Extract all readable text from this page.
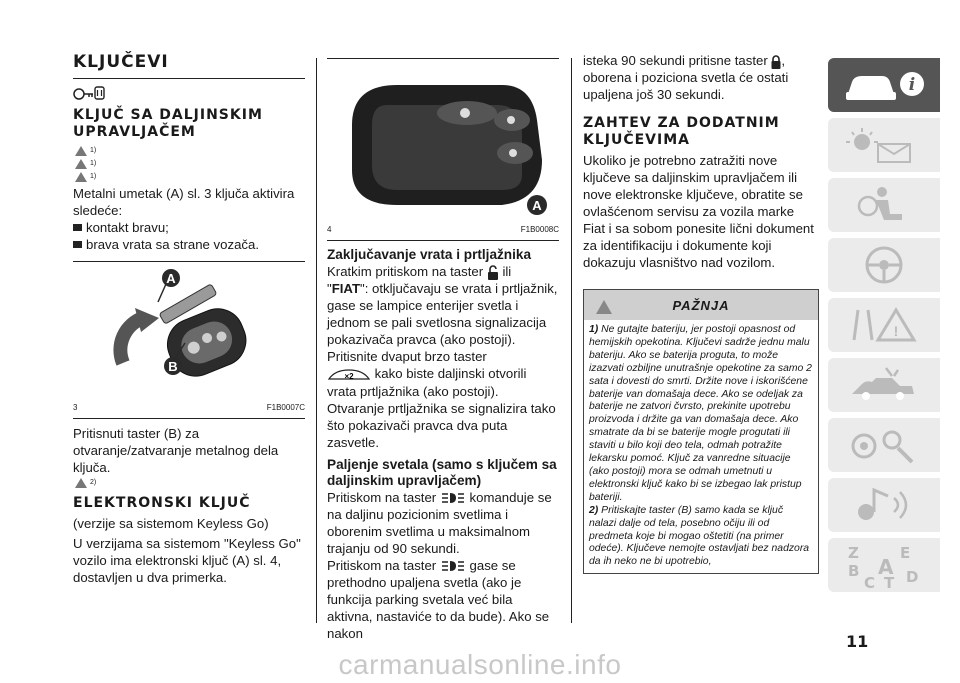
KLJUČEVI
KLJUČ SA DALJINSKIM
UPRAVLJAČEM
1)
1)
1)

Metalni umetak (A) sl. 3 ključa aktivira sledeće:

kontakt bravu;
brava vrata sa strane vozača.
A
B
3	F1B0007C

Pritisnuti taster (B) za otvaranje/zatvaranje metalnog dela ključa.

2)
ELEKTRONSKI KLJUČ

(verzije sa sistemom Keyless Go)

U verzijama sa sistemom "Keyless Go" vozilo ima elektronski ključ (A) sl. 4, dostavljen u dva primerka.

A
4	F1B0008C
Zaključavanje vrata i prtljažnika

Kratkim pritiskom na taster ili
"FIAT": otključavaju se vrata i prtljažnik, gase se lampice enterijer svetla i jednom se pali svetlosna signalizacija pokazivača pravca (ako postoji).

Pritisnite dvaput brzo taster

×2 kako biste daljinski otvorili vrata prtljažnika (ako postoji).

Otvaranje prtljažnika se signalizira tako što pokazivači pravca dva puta zasvetle.

Paljenje svetala (samo s ključem sa daljinskim upravljačem)

Pritiskom na taster	komanduje se na daljinu pozicionim svetlima i oborenim svetlima u maksimalnom trajanju od 90 sekundi.

Pritiskom na taster	gase se prethodno upaljena svetla (ako je funkcija parking svetala već bila aktivna, nastaviće to da bude). Ako se nakon

isteka 90 sekundi pritisne taster , oborena i poziciona svetla će ostati upaljena još 30 sekundi.

ZAHTEV ZA DODATNIM
KLJUČEVIMA

Ukoliko je potrebno zatražiti nove ključeve sa daljinskim upravljačem ili nove elektronske ključeve, obratite se ovlašćenom servisu za vozila marke Fiat i sa sobom ponesite lični dokument za identifikaciju i dokumente koji dokazuju vlasništvo nad vozilom.

PAŽNJA

1) Ne gutajte bateriju, jer postoji opasnost od hemijskih opekotina. Ključevi sadrže jednu malu bateriju. Ako se baterija proguta, to može izazvati ozbiljne unutrašnje opekotine za samo 2 sata i dovesti do smrti. Držite nove i iskorišćene baterije van domašaja dece. Ako se odeljak za baterije ne zatvori čvrsto, prekinite upotrebu proizvoda i držite ga van domašaja dece. Ako smatrate da bi se baterije mogle progutati ili staviti u bilo koji deo tela, odmah potražite lekarsku pomoć. Ključ za vanredne situacije (ako postoji) mora se odmah umetnuti u elektronski ključ kako bi se izbegao lak pristup bateriji.

2) Pritiskajte taster (B) samo kada se ključ nalazi dalje od tela, posebno očiju ili od predmeta koje bi mogao oštetiti (na primer odeće). Ključeve nemojte ostavljati bez nadzora da ih neko ne bi upotrebio,

i
!
Z	E
B A
C T D
11
carmanualsonline.info
